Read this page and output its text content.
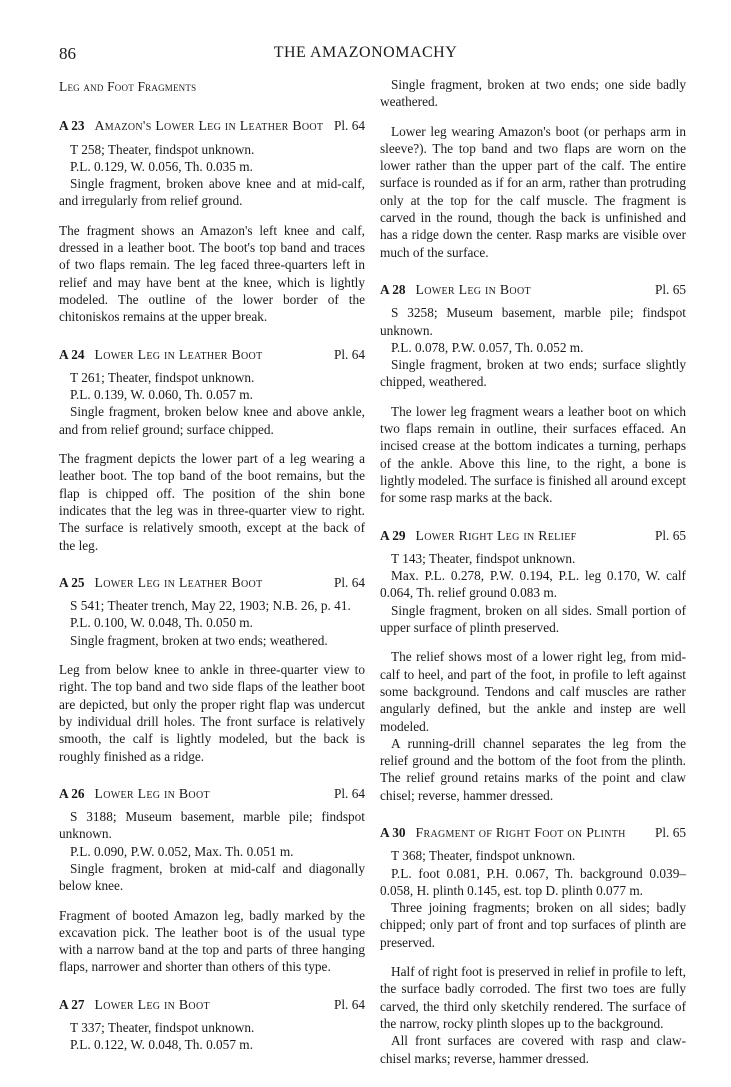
86	THE AMAZONOMACHY
Leg and Foot Fragments
A 23 Amazon's Lower Leg in Leather Boot Pl. 64

T 258; Theater, findspot unknown.

P.L. 0.129, W. 0.056, Th. 0.035 m.

Single fragment, broken above knee and at mid-calf, and irregularly from relief ground.

The fragment shows an Amazon's left knee and calf, dressed in a leather boot. The boot's top band and traces of two flaps remain. The leg faced three-quarters left in relief and may have bent at the knee, which is lightly modeled. The outline of the lower border of the chitoniskos remains at the upper break.

A 24 Lower Leg in Leather Boot	Pl. 64

T 261; Theater, findspot unknown.

P.L. 0.139, W. 0.060, Th. 0.057 m.

Single fragment, broken below knee and above ankle, and from relief ground; surface chipped.

The fragment depicts the lower part of a leg wearing a leather boot. The top band of the boot remains, but the flap is chipped off. The position of the shin bone indicates that the leg was in three-quarter view to right. The surface is relatively smooth, except at the back of the leg.

A 25 Lower Leg in Leather Boot	Pl. 64

S 541; Theater trench, May 22, 1903; N.B. 26, p. 41.

P.L. 0.100, W. 0.048, Th. 0.050 m.

Single fragment, broken at two ends; weathered.

Leg from below knee to ankle in three-quarter view to right. The top band and two side flaps of the leather boot are depicted, but only the proper right flap was undercut by individual drill holes. The front surface is relatively smooth, the calf is lightly modeled, but the back is roughly finished as a ridge.

A 26 Lower Leg in Boot	Pl. 64

S 3188; Museum basement, marble pile; findspot unknown.

P.L. 0.090, P.W. 0.052, Max. Th. 0.051 m.

Single fragment, broken at mid-calf and diagonally below knee.

Fragment of booted Amazon leg, badly marked by the excavation pick. The leather boot is of the usual type with a narrow band at the top and parts of three hanging flaps, narrower and shorter than others of this type.

A 27 Lower Leg in Boot	Pl. 64

T 337; Theater, findspot unknown.

P.L. 0.122, W. 0.048, Th. 0.057 m.

Single fragment, broken at two ends; one side badly weathered.

Lower leg wearing Amazon's boot (or perhaps arm in sleeve?). The top band and two flaps are worn on the lower rather than the upper part of the calf. The entire surface is rounded as if for an arm, rather than protruding only at the top for the calf muscle. The fragment is carved in the round, though the back is unfinished and has a ridge down the center. Rasp marks are visible over much of the surface.

A 28 Lower Leg in Boot	Pl. 65

S 3258; Museum basement, marble pile; findspot unknown.

P.L. 0.078, P.W. 0.057, Th. 0.052 m.

Single fragment, broken at two ends; surface slightly chipped, weathered.

The lower leg fragment wears a leather boot on which two flaps remain in outline, their surfaces effaced. An incised crease at the bottom indicates a turning, perhaps of the ankle. Above this line, to the right, a bone is lightly modeled. The surface is finished all around except for some rasp marks at the back.

A 29 Lower Right Leg in Relief	Pl. 65

T 143; Theater, findspot unknown.

Max. P.L. 0.278, P.W. 0.194, P.L. leg 0.170, W. calf 0.064, Th. relief ground 0.083 m.

Single fragment, broken on all sides. Small portion of upper surface of plinth preserved.

The relief shows most of a lower right leg, from mid-calf to heel, and part of the foot, in profile to left against some background. Tendons and calf muscles are rather angularly defined, but the ankle and instep are well modeled.

A running-drill channel separates the leg from the relief ground and the bottom of the foot from the plinth. The relief ground retains marks of the point and claw chisel; reverse, hammer dressed.

A 30 Fragment of Right Foot on Plinth	Pl. 65

T 368; Theater, findspot unknown.

P.L. foot 0.081, P.H. 0.067, Th. background 0.039–0.058, H. plinth 0.145, est. top D. plinth 0.077 m.

Three joining fragments; broken on all sides; badly chipped; only part of front and top surfaces of plinth are preserved.

Half of right foot is preserved in relief in profile to left, the surface badly corroded. The first two toes are fully carved, the third only sketchily rendered. The surface of the narrow, rocky plinth slopes up to the background.

All front surfaces are covered with rasp and claw-chisel marks; reverse, hammer dressed.
